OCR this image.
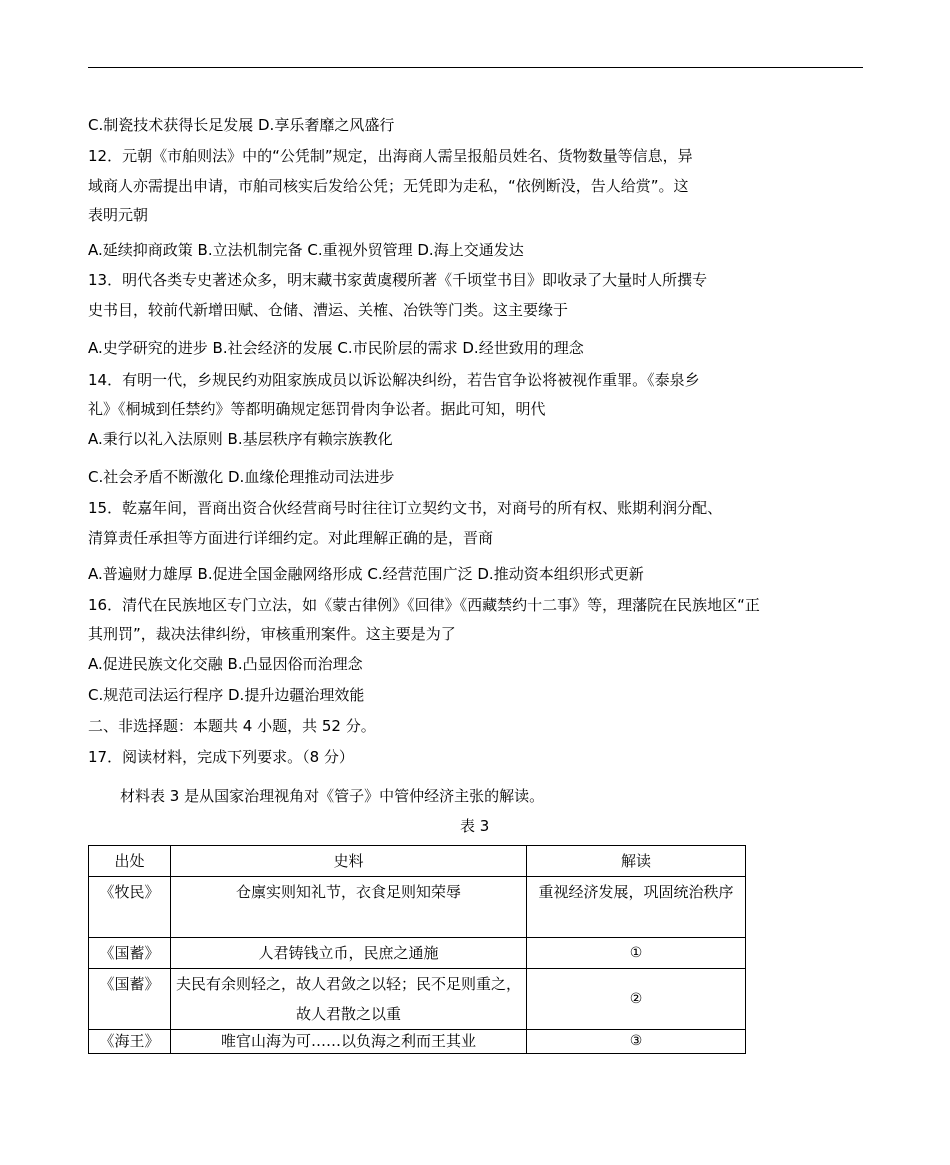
C.制瓷技术获得长足发展 D.享乐奢靡之风盛行
12．元朝《市舶则法》中的“公凭制”规定，出海商人需呈报船员姓名、货物数量等信息，异
域商人亦需提出申请，市舶司核实后发给公凭；无凭即为走私，“依例断没，告人给赏”。这
表明元朝
A.延续抑商政策 B.立法机制完备 C.重视外贸管理 D.海上交通发达
13．明代各类专史著述众多，明末藏书家黄虞稷所著《千顷堂书目》即收录了大量时人所撰专
史书目，较前代新增田赋、仓储、漕运、关榷、冶铁等门类。这主要缘于
A.史学研究的进步 B.社会经济的发展 C.市民阶层的需求 D.经世致用的理念
14．有明一代，乡规民约劝阻家族成员以诉讼解决纠纷，若告官争讼将被视作重罪。《泰泉乡
礼》《桐城到任禁约》等都明确规定惩罚骨肉争讼者。据此可知，明代
A.秉行以礼入法原则 B.基层秩序有赖宗族教化
C.社会矛盾不断激化 D.血缘伦理推动司法进步
15．乾嘉年间，晋商出资合伙经营商号时往往订立契约文书，对商号的所有权、账期利润分配、
清算责任承担等方面进行详细约定。对此理解正确的是，晋商
A.普遍财力雄厚 B.促进全国金融网络形成 C.经营范围广泛 D.推动资本组织形式更新
16．清代在民族地区专门立法，如《蒙古律例》《回律》《西藏禁约十二事》等，理藩院在民族地区“正
其刑罚”，裁决法律纠纷，审核重刑案件。这主要是为了
A.促进民族文化交融 B.凸显因俗而治理念
C.规范司法运行程序 D.提升边疆治理效能
二、非选择题：本题共 4 小题，共 52 分。
17．阅读材料，完成下列要求。（8 分）
材料表 3 是从国家治理视角对《管子》中管仲经济主张的解读。
表 3
出处	史料	解读
《牧民》	仓廪实则知礼节，衣食足则知荣辱	重视经济发展，巩固统治秩序
《国蓄》	人君铸钱立币，民庶之通施	①
《国蓄》	夫民有余则轻之，故人君敛之以轻；民不足则重之，故人君散之以重	②
《海王》	唯官山海为可……以负海之利而王其业	③
